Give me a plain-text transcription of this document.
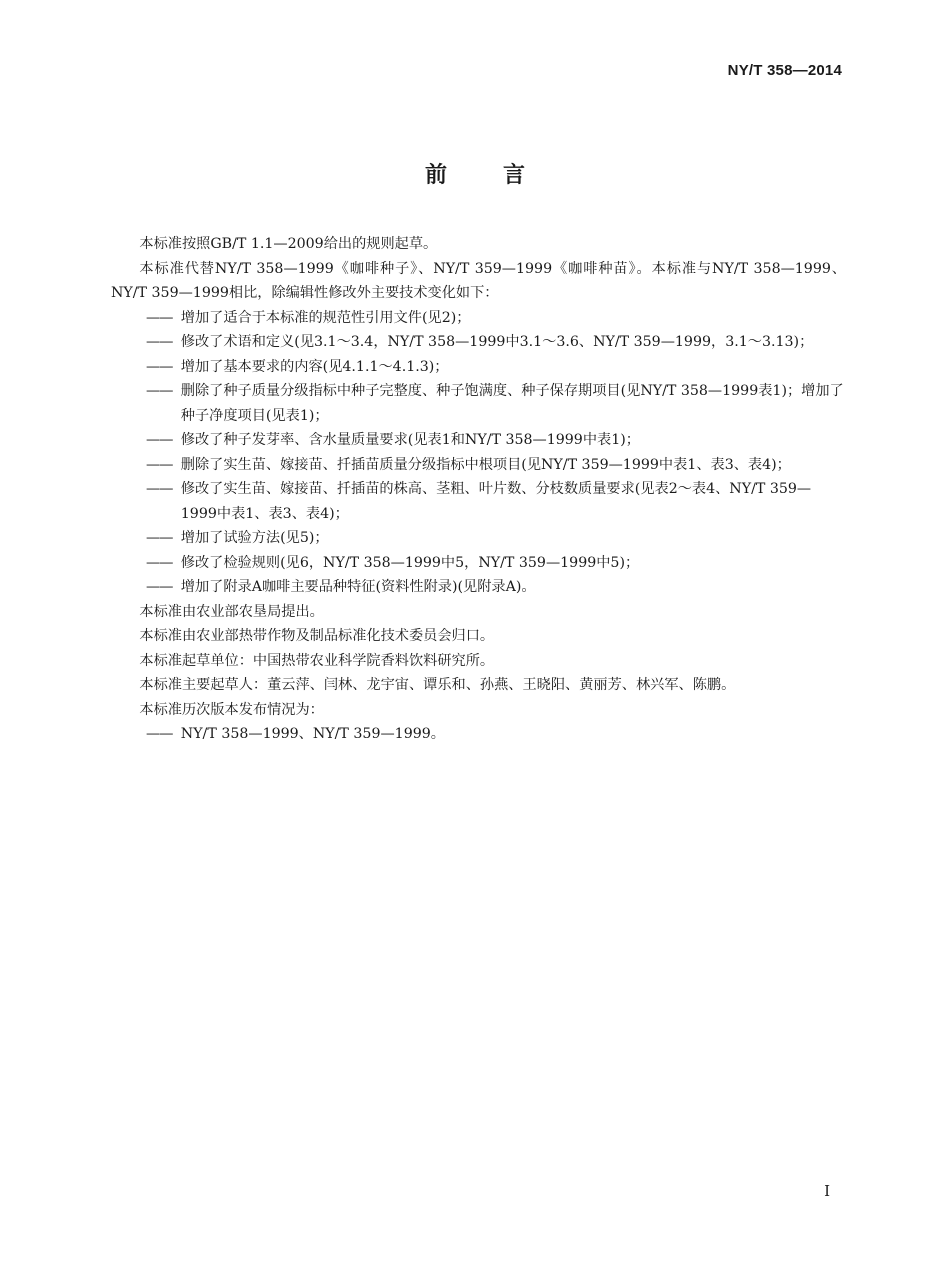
NY/T 358—2014
前言

本标准按照GB/T 1.1—2009给出的规则起草。

本标准代替NY/T 358—1999《咖啡种子》、NY/T 359—1999《咖啡种苗》。本标准与NY/T 358—1999、NY/T 359—1999相比，除编辑性修改外主要技术变化如下：

—— 增加了适合于本标准的规范性引用文件(见2)；

—— 修改了术语和定义(见3.1～3.4，NY/T 358—1999中3.1～3.6、NY/T 359—1999，3.1～3.13)；

—— 增加了基本要求的内容(见4.1.1～4.1.3)；

—— 删除了种子质量分级指标中种子完整度、种子饱满度、种子保存期项目(见NY/T 358—1999表1)；增加了种子净度项目(见表1)；

—— 修改了种子发芽率、含水量质量要求(见表1和NY/T 358—1999中表1)；

—— 删除了实生苗、嫁接苗、扦插苗质量分级指标中根项目(见NY/T 359—1999中表1、表3、表4)；

—— 修改了实生苗、嫁接苗、扦插苗的株高、茎粗、叶片数、分枝数质量要求(见表2～表4、NY/T 359—1999中表1、表3、表4)；

—— 增加了试验方法(见5)；

—— 修改了检验规则(见6，NY/T 358—1999中5，NY/T 359—1999中5)；

—— 增加了附录A咖啡主要品种特征(资料性附录)(见附录A)。

本标准由农业部农垦局提出。

本标准由农业部热带作物及制品标准化技术委员会归口。

本标准起草单位：中国热带农业科学院香料饮料研究所。

本标准主要起草人：董云萍、闫林、龙宇宙、谭乐和、孙燕、王晓阳、黄丽芳、林兴军、陈鹏。

本标准历次版本发布情况为：

—— NY/T 358—1999、NY/T 359—1999。

I
